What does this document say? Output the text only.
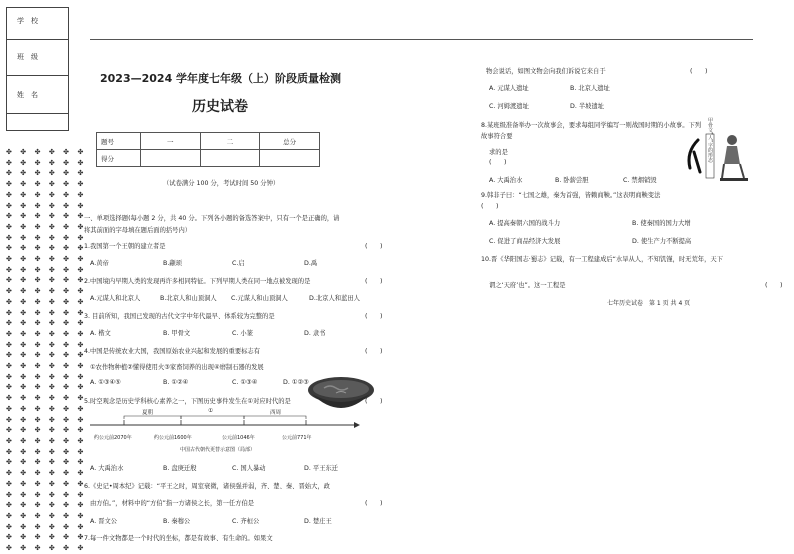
学　校
班　级
姓　名
✤ ✤ ✤ ✤ ✤ ✤
✤ ✤ ✤ ✤ ✤ ✤
✤ ✤ ✤ ✤ ✤ ✤
✤ ✤ ✤ ✤ ✤ ✤
✤ ✤ ✤ ✤ ✤ ✤
✤ ✤ ✤ ✤ ✤ ✤
✤ ✤ ✤ ✤ ✤ ✤
✤ ✤ ✤ ✤ ✤ ✤
✤ ✤ ✤ ✤ ✤ ✤
✤ ✤ ✤ ✤ ✤ ✤
✤ ✤ ✤ ✤ ✤ ✤
✤ ✤ ✤ ✤ ✤ ✤
✤ ✤ ✤ ✤ ✤ ✤
✤ ✤ ✤ ✤ ✤ ✤
✤ ✤ ✤ ✤ ✤ ✤
✤ ✤ ✤ ✤ ✤ ✤
✤ ✤ ✤ ✤ ✤ ✤
✤ ✤ ✤ ✤ ✤ ✤
✤ ✤ ✤ ✤ ✤ ✤
✤ ✤ ✤ ✤ ✤ ✤
✤ ✤ ✤ ✤ ✤ ✤
✤ ✤ ✤ ✤ ✤ ✤
✤ ✤ ✤ ✤ ✤ ✤
✤ ✤ ✤ ✤ ✤ ✤
✤ ✤ ✤ ✤ ✤ ✤
✤ ✤ ✤ ✤ ✤ ✤
✤ ✤ ✤ ✤ ✤ ✤
✤ ✤ ✤ ✤ ✤ ✤
✤ ✤ ✤ ✤ ✤ ✤
✤ ✤ ✤ ✤ ✤ ✤
✤ ✤ ✤ ✤ ✤ ✤
✤ ✤ ✤ ✤ ✤ ✤
✤ ✤ ✤ ✤ ✤ ✤
✤ ✤ ✤ ✤ ✤ ✤
✤ ✤ ✤ ✤ ✤ ✤
✤ ✤ ✤ ✤ ✤ ✤
✤ ✤ ✤ ✤ ✤ ✤
✤ ✤ ✤ ✤ ✤ ✤
2023—2024 学年度七年级（上）阶段质量检测
历史试卷
题号	一	二	总分
得分			
（试卷满分 100 分，考试时间 50 分钟）
一、单项选择题(每小题 2 分，共 40 分。下列各小题的备选答案中，只有一个是正确的，请
将其前面的字母填在题后面的括号内）
1.我国第一个王朝的建立者是	(　　)
A.黄帝	B.颛顼	C.启	D.禹
2.中国境内早期人类的发现再许多相同特征。下列早期人类在同一地点被发现的是	(　　)
A.元谋人和北京人	B.北京人和山顶洞人 C.元谋人和山顶洞人	D.北京人和蓝田人
3. 目前所知，我国已发现的古代文字中年代最早、体系较为完整的是	(　　)
A. 楷文	B. 甲骨文	C. 小篆	D. 隶书
4.中国是传统农业大国，我国原始农业兴起和发展的重要标志有	(　　)
①农作物种植②懂得使用火③家畜饲养的出现④磨制石器的发展
A. ①③④⑤	B. ①②④	C. ①③④	D. ①②③
5.时空观念是历史学科核心素养之一，下图历史事件发生在①对应时代的是	(　　)
夏朝	①	西周
约公元前2070年	约公元前1600年	公元前1046年	公元前771年
中国古代朝代更替示意图（局部）
A. 大禹治水	B. 盘庚迁殷	C. 国人暴动	D. 平王东迁
6.《史记•周本纪》记载：“平王之时，周室衰微，诸侯强并弱，齐、楚、秦、晋始大，政
由方伯。”，材料中的“方伯”指一方诸侯之长，第一任方伯是	(　　)
A. 晋文公	B. 秦穆公	C. 齐桓公	D. 楚庄王
7.每一件文物都是一个时代的坐标，都是有故事、有生命的。如果文
物会说话，如图文物会向我们诉说它来自于	(　　)
A. 元谋人遗址	B. 北京人遗址
C. 河姆渡遗址	D. 半坡遗址
8.某班级准备举办一次故事会，要求每组同学编写一则战国时期的小故事。下列
故事符合要
求的是
(　　)
A. 大禹治水	B. 卧薪尝胆	C. 禁烟销毁
甲骨文“人”字的形态
9.韩非子曰：“七国之雄，秦为首强，皆赖商鞅。”这表明商鞅变法
(　　)
A. 提高秦朝六国的战斗力	B. 使秦国的国力大增
C. 促进了商品经济大发展	D. 使生产力不断提高
10.晋《华阳国志·蜀志》记载，有一工程建成后“水旱从人，不知饥馑，时无荒年，天下
谓之‘天府’也”。这一工程是	(　　)
七年历史试卷　第 1 页 共 4 页
